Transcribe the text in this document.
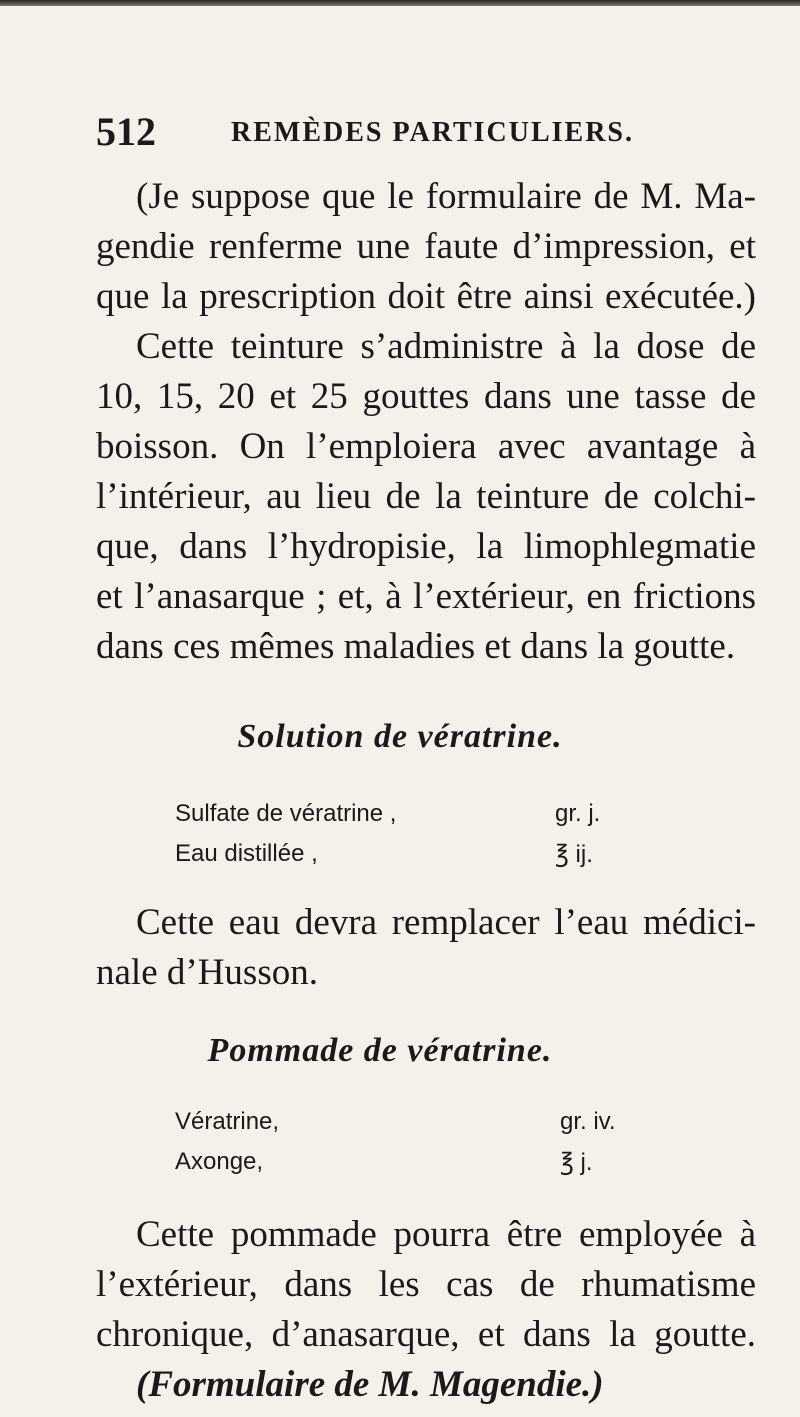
512	REMÈDES PARTICULIERS.
(Je suppose que le formulaire de M. Ma-
gendie renferme une faute d’impression, et
que la prescription doit être ainsi exécutée.)
Cette teinture s’administre à la dose de
10, 15, 20 et 25 gouttes dans une tasse de
boisson. On l’emploiera avec avantage à
l’intérieur, au lieu de la teinture de colchi-
que, dans l’hydropisie, la limophlegmatie
et l’anasarque ; et, à l’extérieur, en frictions
dans ces mêmes maladies et dans la goutte.
Solution de vératrine.
Sulfate de vératrine ,	gr. j.
Eau distillée ,	℥ ij.
Cette eau devra remplacer l’eau médici-
nale d’Husson.
Pommade de vératrine.
Vératrine,	gr. iv.
Axonge,	℥ j.
Cette pommade pourra être employée à
l’extérieur, dans les cas de rhumatisme
chronique, d’anasarque, et dans la goutte.
(Formulaire de M. Magendie.)
